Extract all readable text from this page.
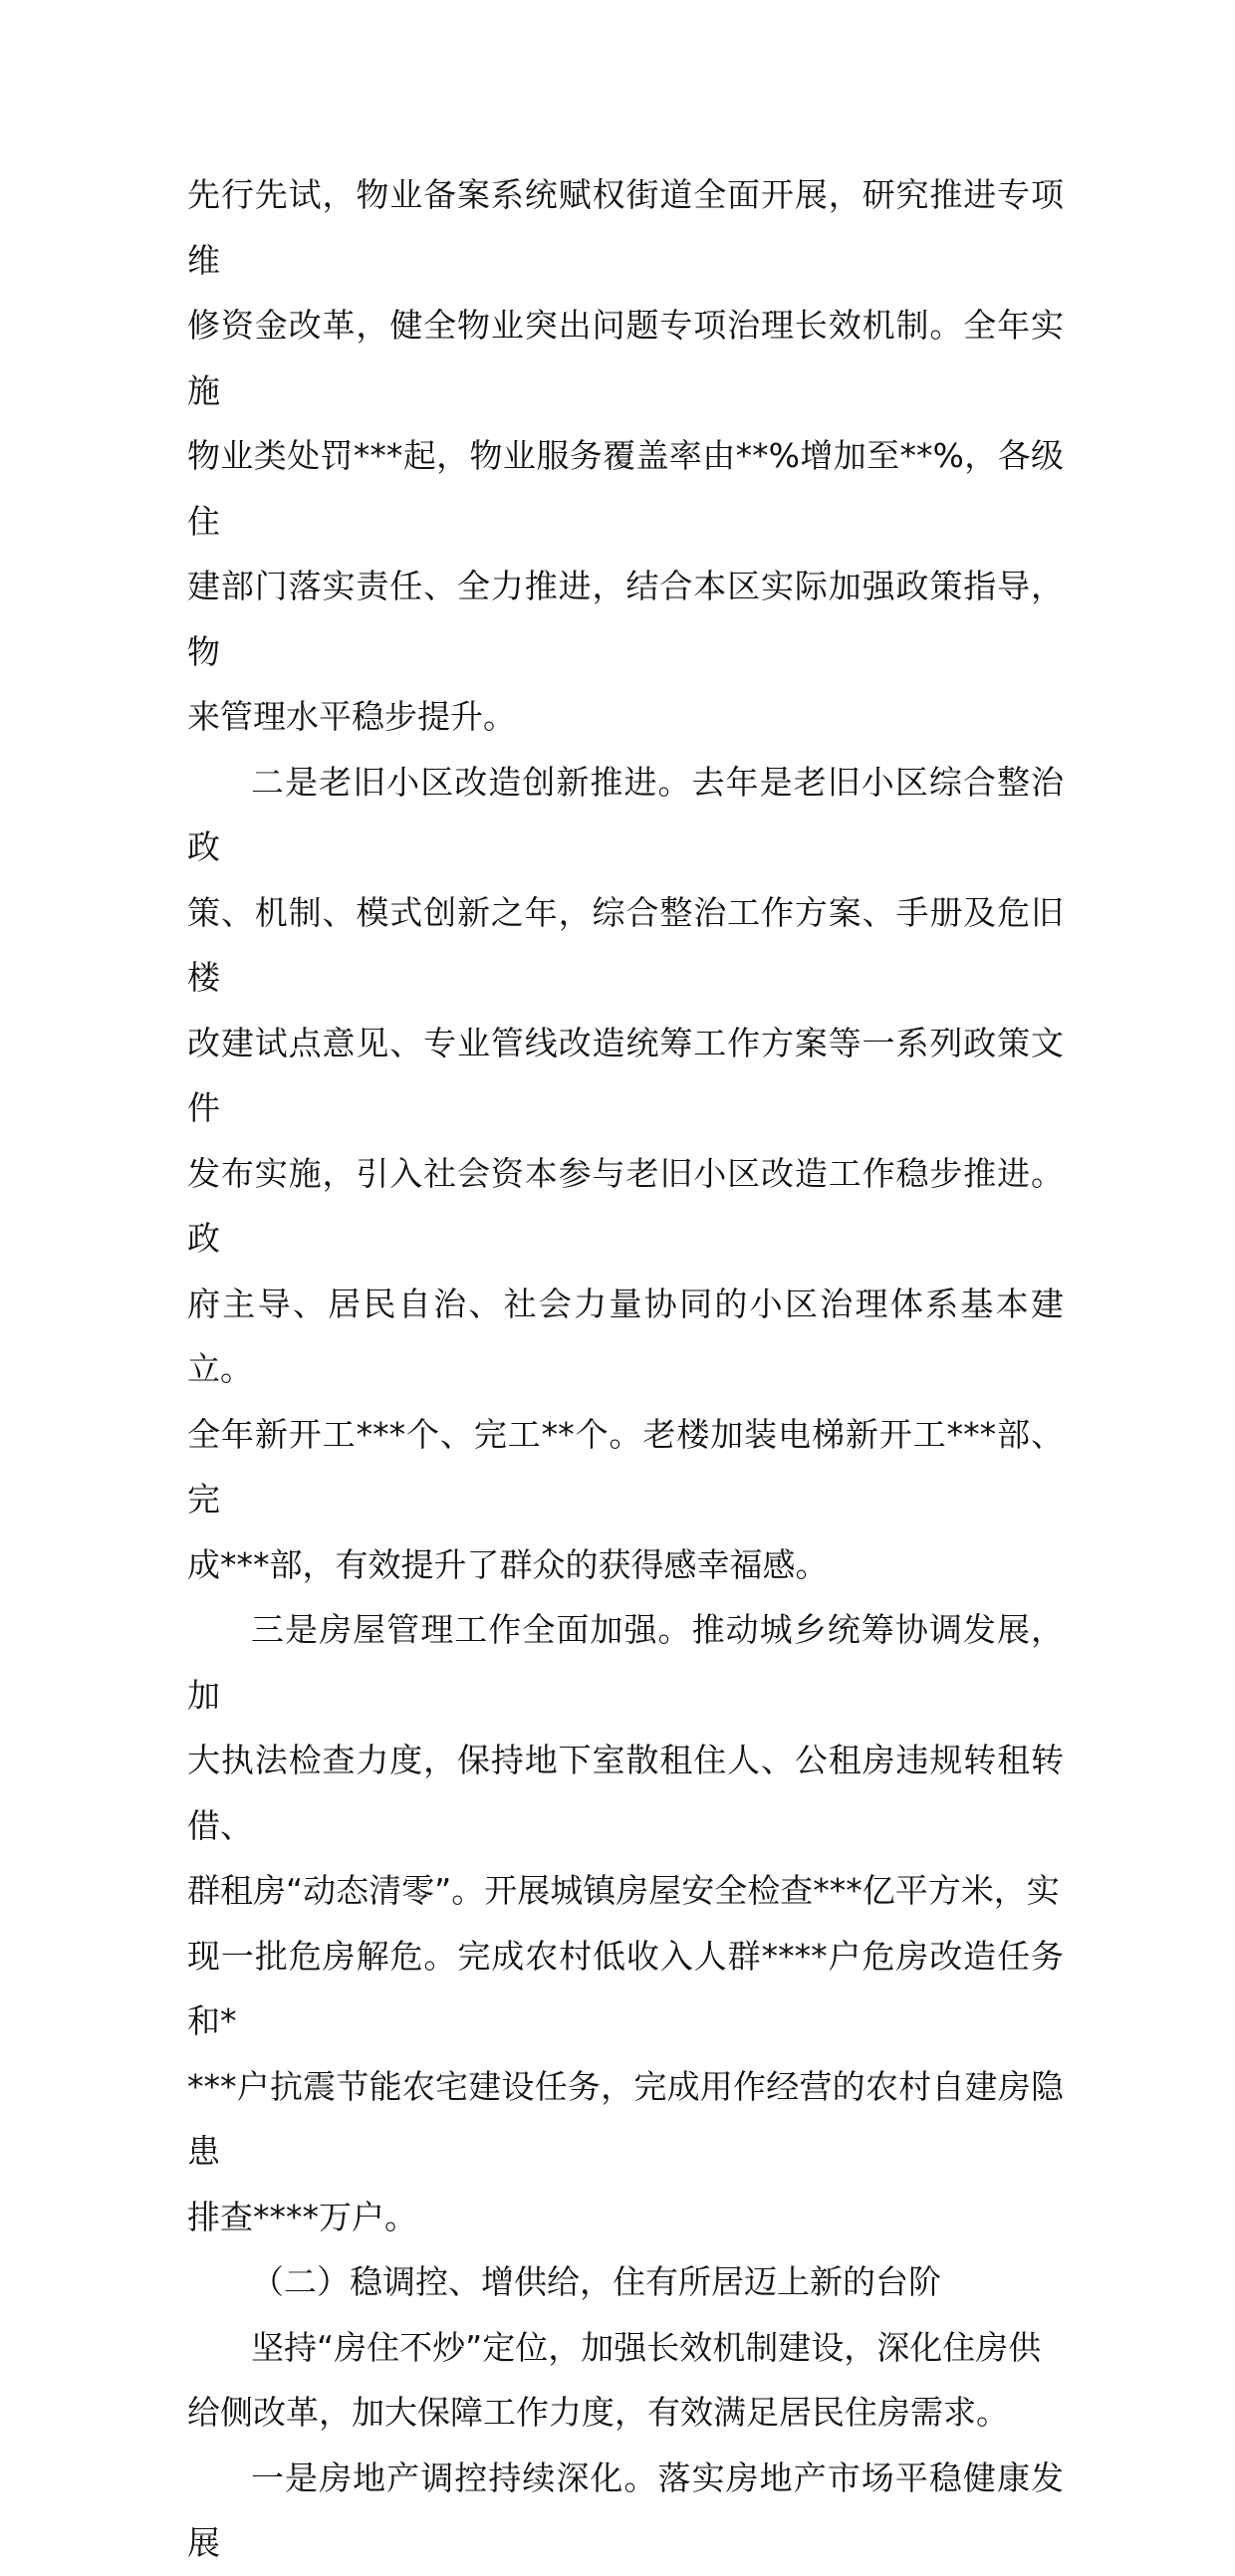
先行先试，物业备案系统赋权街道全面开展，研究推进专项维
修资金改革，健全物业突出问题专项治理长效机制。全年实施
物业类处罚***起，物业服务覆盖率由**%增加至**%，各级住
建部门落实责任、全力推进，结合本区实际加强政策指导，物
来管理水平稳步提升。

二是老旧小区改造创新推进。去年是老旧小区综合整治政
策、机制、模式创新之年，综合整治工作方案、手册及危旧楼
改建试点意见、专业管线改造统筹工作方案等一系列政策文件
发布实施，引入社会资本参与老旧小区改造工作稳步推进。政
府主导、居民自治、社会力量协同的小区治理体系基本建立。
全年新开工***个、完工**个。老楼加装电梯新开工***部、完
成***部，有效提升了群众的获得感幸福感。

三是房屋管理工作全面加强。推动城乡统筹协调发展，加
大执法检查力度，保持地下室散租住人、公租房违规转租转借、
群租房“动态清零”。开展城镇房屋安全检查***亿平方米，实
现一批危房解危。完成农村低收入人群****户危房改造任务和*
***户抗震节能农宅建设任务，完成用作经营的农村自建房隐患
排查****万户。

（二）稳调控、增供给，住有所居迈上新的台阶

坚持“房住不炒”定位，加强长效机制建设，深化住房供
给侧改革，加大保障工作力度，有效满足居民住房需求。

一是房地产调控持续深化。落实房地产市场平稳健康发展
